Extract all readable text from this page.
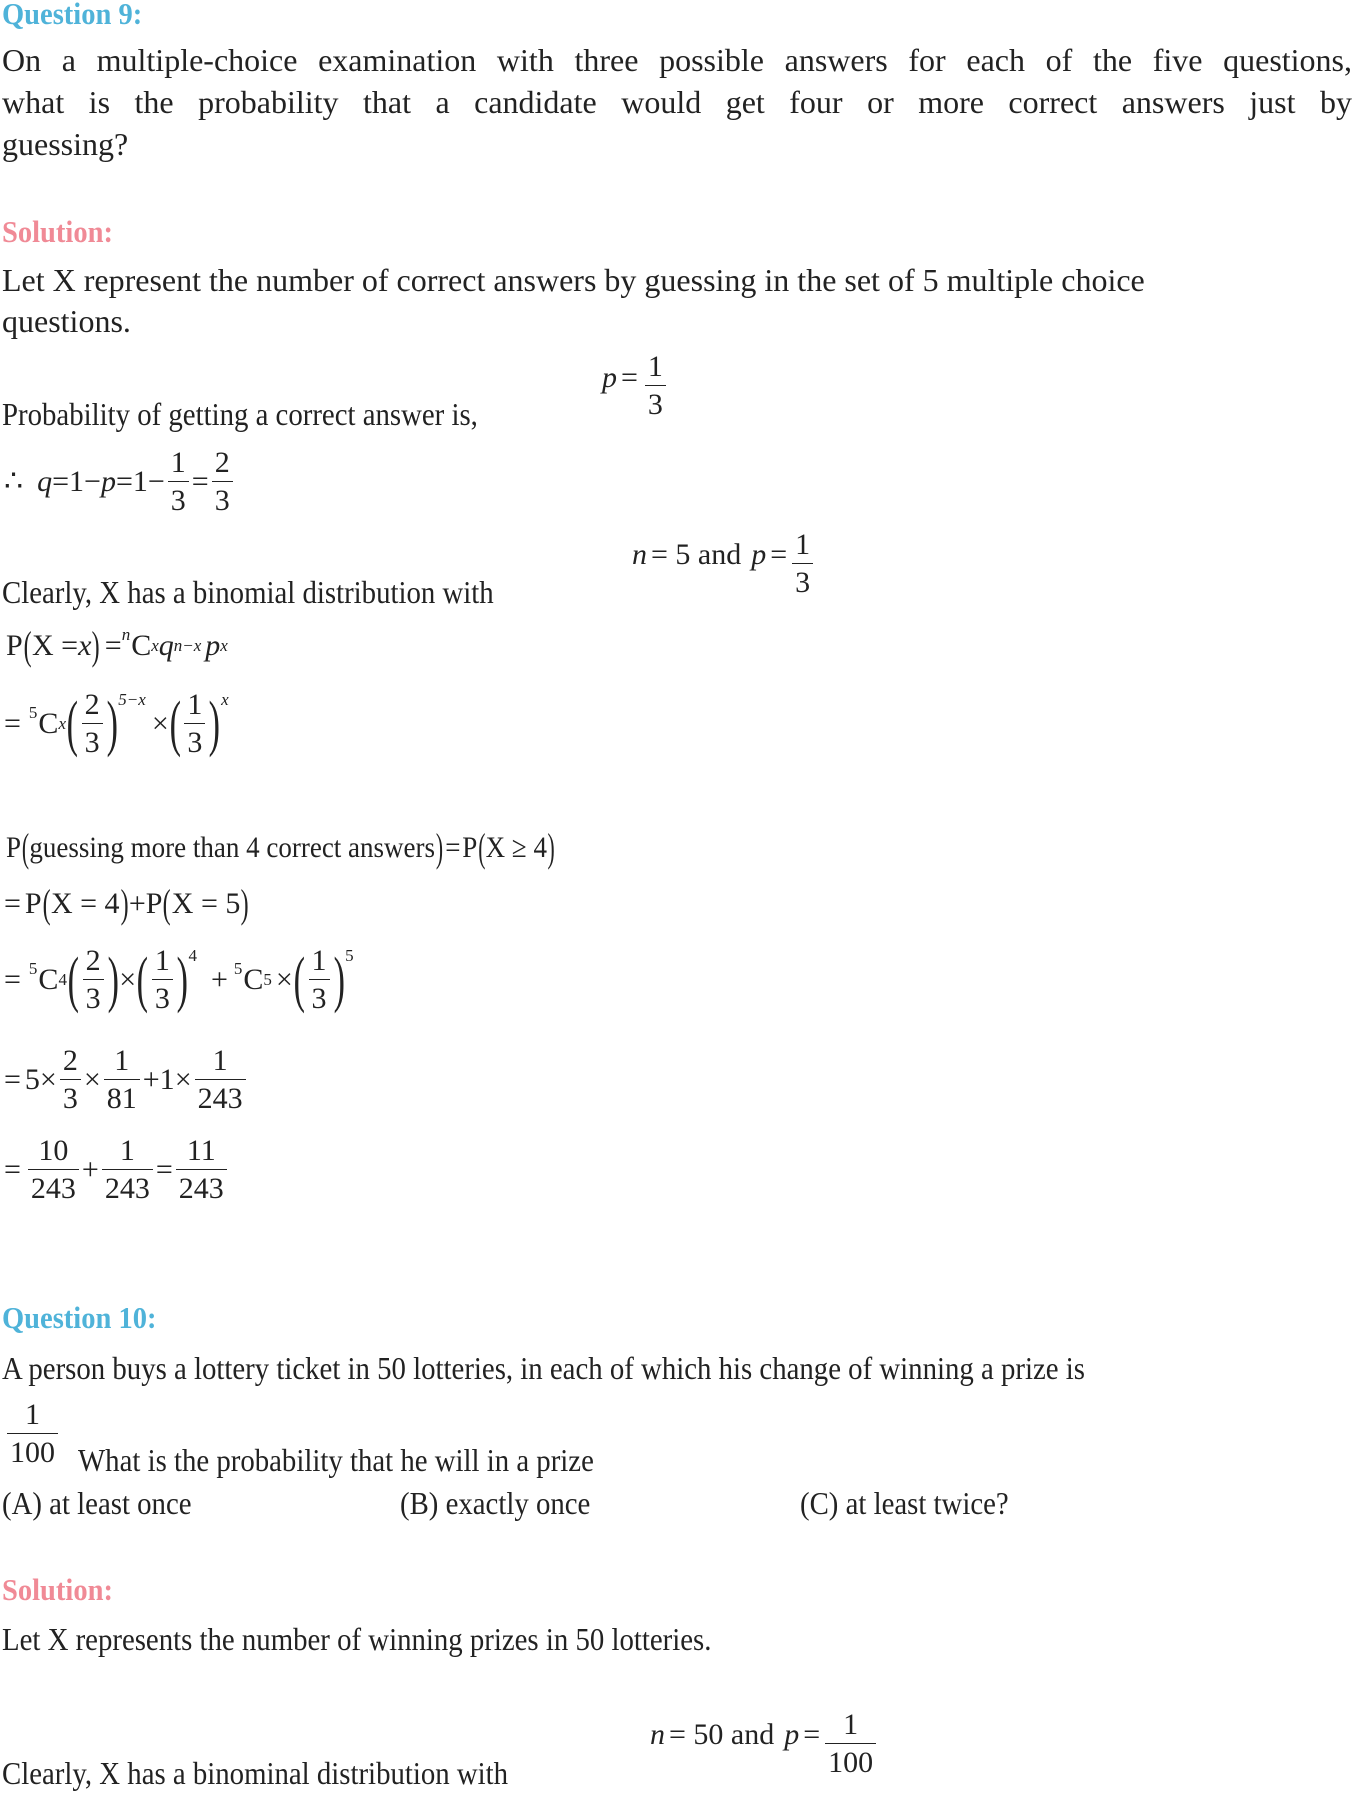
Question 9:
On a multiple-choice examination with three possible answers for each of the five questions,
what is the probability that a candidate would get four or more correct answers just by
guessing?
Solution:
Let X represent the number of correct answers by guessing in the set of 5 multiple choice
questions.
Probability of getting a correct answer is,
$p = \frac{1}{3}$
∴ $q =1- p =1- \frac{1}{3} = \frac{2}{3}$
Clearly, X has a binomial distribution with
n = 5 and $p = \frac{1}{3}$
P ( X = x ) = n C x q n−x p x
= 5 C x ( $\frac{2}{3} )^{5-x}$
× ( $\frac{1}{3} )^x$
P ( guessing more than 4 correct answers ) = P ( X ≥ 4 )
= P ( X = 4 ) + P ( X = 5 )
= 5 C 4 ( $\frac{2}{3}$ ) × ( $\frac{1}{3} )^4$
+ 5 C 5 × ( $\frac{1}{3} )^5$
= $5 \times \frac{2}{3} \times \frac{1}{81} +1 \times \frac{1}{243}$
= $\frac{10}{243} + \frac{1}{243} = \frac{11}{243}$
Question 10:
A person buys a lottery ticket in 50 lotteries, in each of which his change of winning a prize is
$\frac{1}{100}$ What is the probability that he will in a prize
(A) at least once	(B) exactly once	(C) at least twice?
Solution:
Let X represents the number of winning prizes in 50 lotteries.
Clearly, X has a binominal distribution with
n = 50 and $p = \frac{1}{100}$
